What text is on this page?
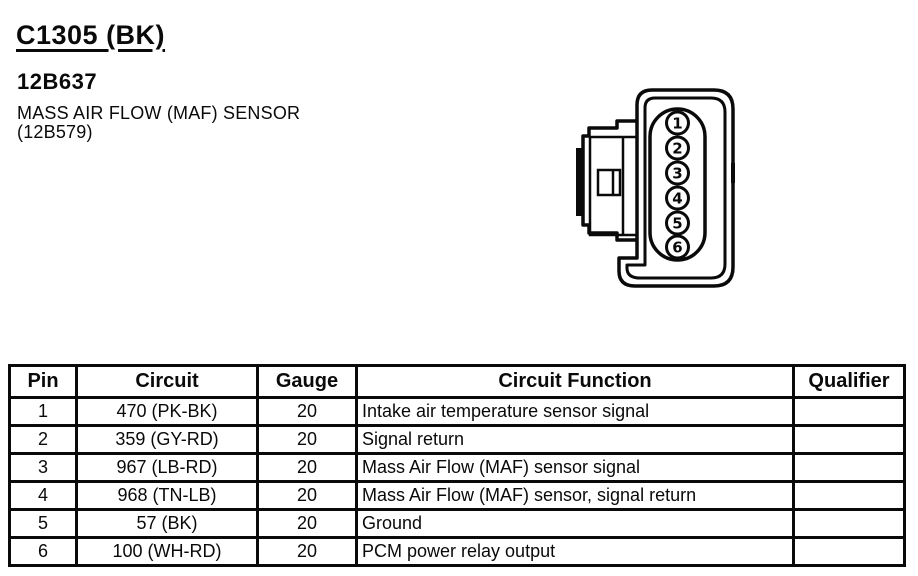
C1305 (BK)
12B637
MASS AIR FLOW (MAF) SENSOR
(12B579)	1
2
3
4
5
6
Pin	Circuit	Gauge	Circuit Function	Qualifier
1	470 (PK-BK)	20	Intake air temperature sensor signal	
2	359 (GY-RD)	20	Signal return	
3	967 (LB-RD)	20	Mass Air Flow (MAF) sensor signal	
4	968 (TN-LB)	20	Mass Air Flow (MAF) sensor, signal return	
5	57 (BK)	20	Ground	
6	100 (WH-RD)	20	PCM power relay output	
